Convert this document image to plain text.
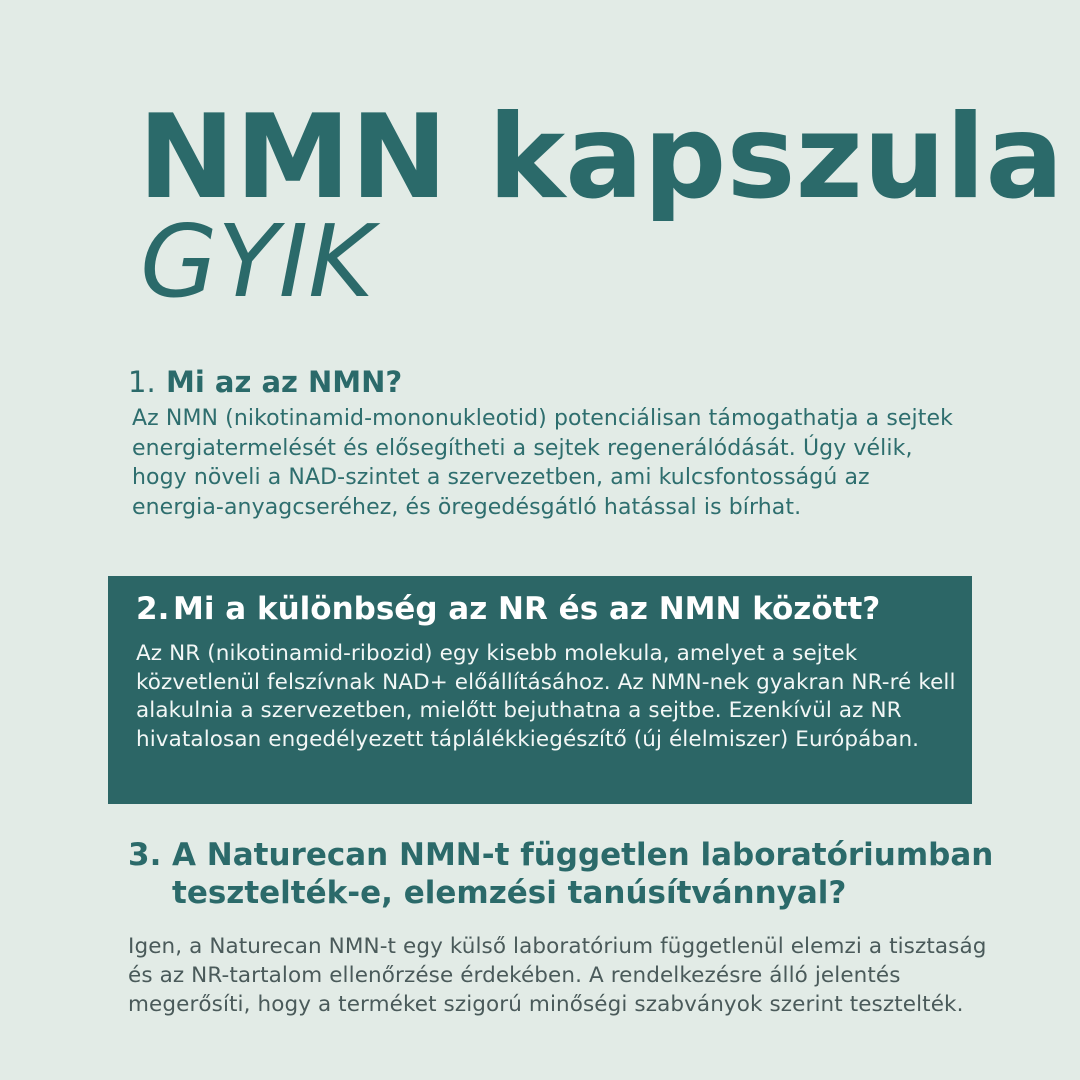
NMN kapszula
GYIK
1. Mi az az NMN?

Az NMN (nikotinamid-mononukleotid) potenciálisan támogathatja a sejtek energiatermelését és elősegítheti a sejtek regenerálódását. Úgy vélik, hogy növeli a NAD-szintet a szervezetben, ami kulcsfontosságú az energia-anyagcseréhez, és öregedésgátló hatással is bírhat.

2. Mi a különbség az NR és az NMN között?

Az NR (nikotinamid-ribozid) egy kisebb molekula, amelyet a sejtek közvetlenül felszívnak NAD+ előállításához. Az NMN-nek gyakran NR-ré kell alakulnia a szervezetben, mielőtt bejuthatna a sejtbe. Ezenkívül az NR hivatalosan engedélyezett táplálékkiegészítő (új élelmiszer) Európában.

3. A Naturecan NMN-t független laboratóriumban tesztelték-e, elemzési tanúsítvánnyal?

Igen, a Naturecan NMN-t egy külső laboratórium függetlenül elemzi a tisztaság és az NR-tartalom ellenőrzése érdekében. A rendelkezésre álló jelentés megerősíti, hogy a terméket szigorú minőségi szabványok szerint tesztelték.
